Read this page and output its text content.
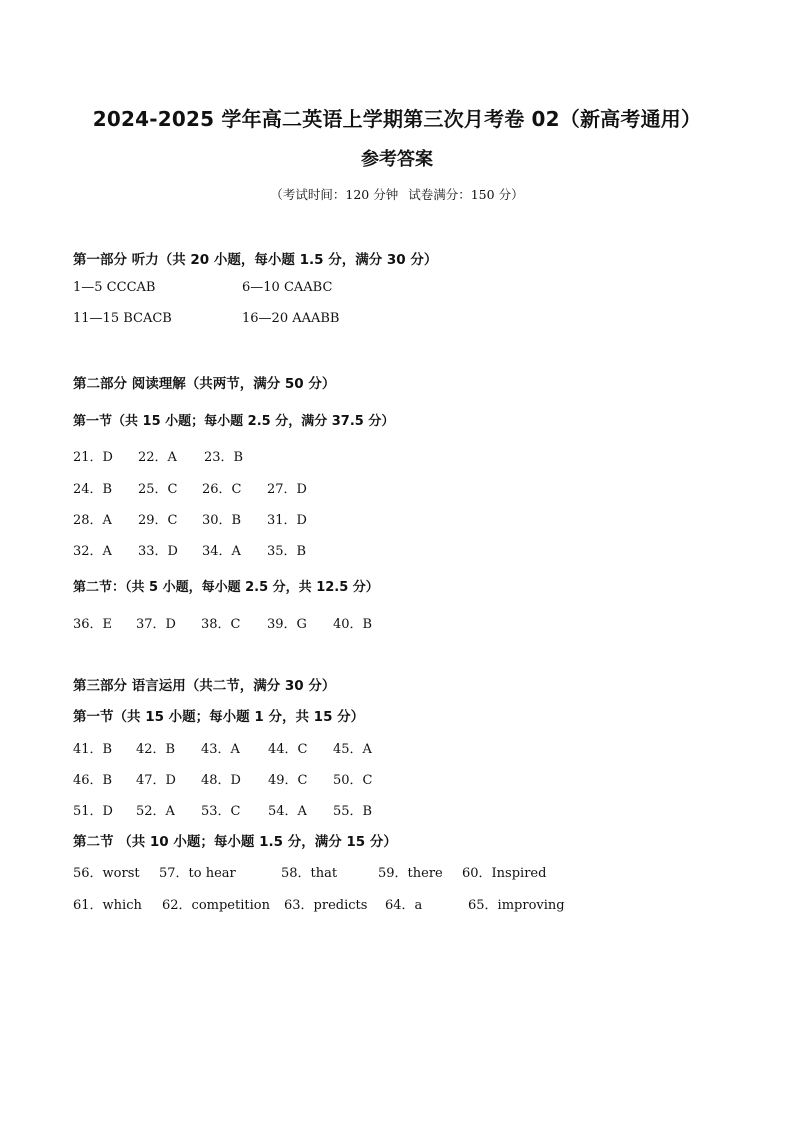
2024-2025 学年高二英语上学期第三次月考卷 02（新高考通用）
参考答案
（考试时间：120 分钟 试卷满分：150 分）
第一部分 听力（共 20 小题，每小题 1.5 分，满分 30 分）
1—5 CCCAB	6—10 CAABC
11—15 BCACB	16—20 AAABB
第二部分 阅读理解（共两节，满分 50 分）
第一节（共 15 小题；每小题 2.5 分，满分 37.5 分）
21．D 22．A 23．B
24．B 25．C 26．C 27．D
28．A 29．C 30．B 31．D
32．A 33．D 34．A 35．B
第二节：（共 5 小题，每小题 2.5 分，共 12.5 分）
36．E 37．D 38．C 39．G 40．B
第三部分 语言运用（共二节，满分 30 分）
第一节（共 15 小题；每小题 1 分，共 15 分）
41．B 42．B 43．A 44．C 45．A
46．B 47．D 48．D 49．C 50．C
51．D 52．A 53．C 54．A 55．B
第二节 （共 10 小题；每小题 1.5 分，满分 15 分）
56．worst 57．to hear	58．that	59．there 60．Inspired
61．which 62．competition 63．predicts 64．a	65．improving
